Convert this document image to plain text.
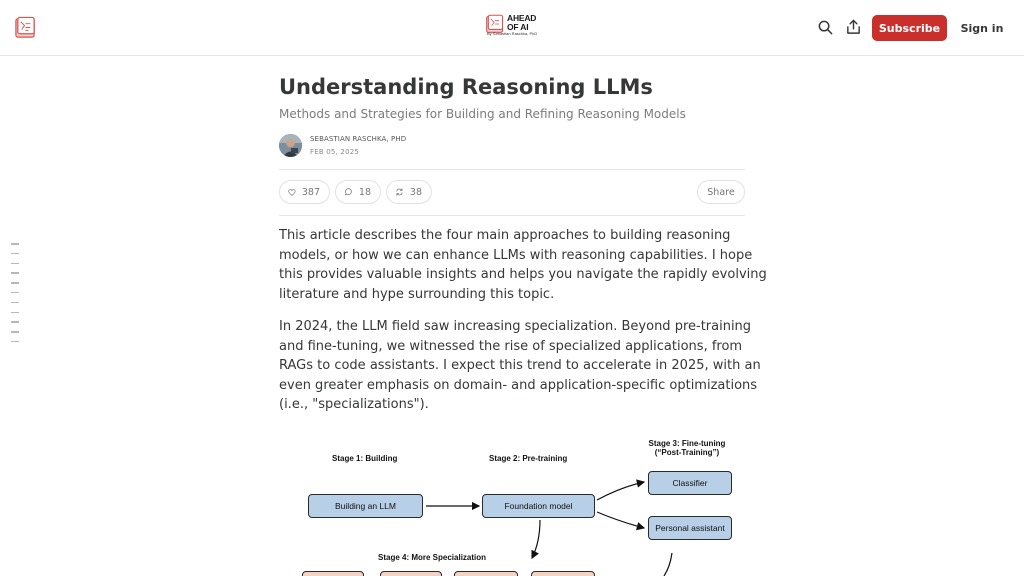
AHEAD
OF AI
By Sebastian Raschka, PhD	Subscribe	Sign in
Understanding Reasoning LLMs
Methods and Strategies for Building and Refining Reasoning Models
SEBASTIAN RASCHKA, PHD
FEB 05, 2025
387	18	38	Share
This article describes the four main approaches to building reasoning
models, or how we can enhance LLMs with reasoning capabilities. I hope
this provides valuable insights and helps you navigate the rapidly evolving
literature and hype surrounding this topic.
In 2024, the LLM field saw increasing specialization. Beyond pre-training
and fine-tuning, we witnessed the rise of specialized applications, from
RAGs to code assistants. I expect this trend to accelerate in 2025, with an
even greater emphasis on domain- and application-specific optimizations
(i.e., "specializations").
Stage 1: Building	Stage 2: Pre-training
Stage 3: Fine-tuning
(“Post-Training”)
Stage 4: More Specialization
Building an LLM	Foundation model
Classifier
Personal assistant
